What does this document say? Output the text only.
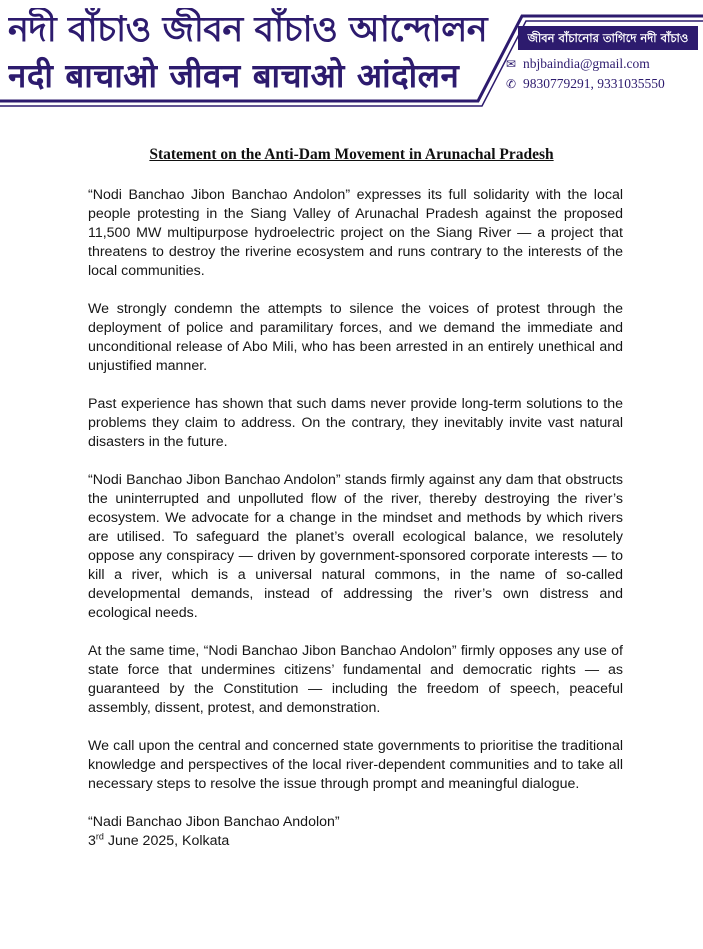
নদী বাঁচাও জীবন বাঁচাও আন্দোলন
नदी बाचाओ जीवन बाचाओ आंदोलन
জীবন বাঁচানোর তাগিদে নদী বাঁচাও
✉ nbjbaindia@gmail.com
✆ 9830779291, 9331035550
Statement on the Anti-Dam Movement in Arunachal Pradesh

“Nodi Banchao Jibon Banchao Andolon” expresses its full solidarity with the local people protesting in the Siang Valley of Arunachal Pradesh against the proposed 11,500 MW multipurpose hydroelectric project on the Siang River — a project that threatens to destroy the riverine ecosystem and runs contrary to the interests of the local communities.

We strongly condemn the attempts to silence the voices of protest through the deployment of police and paramilitary forces, and we demand the immediate and unconditional release of Abo Mili, who has been arrested in an entirely unethical and unjustified manner.

Past experience has shown that such dams never provide long-term solutions to the problems they claim to address. On the contrary, they inevitably invite vast natural disasters in the future.

“Nodi Banchao Jibon Banchao Andolon” stands firmly against any dam that obstructs the uninterrupted and unpolluted flow of the river, thereby destroying the river’s ecosystem. We advocate for a change in the mindset and methods by which rivers are utilised. To safeguard the planet’s overall ecological balance, we resolutely oppose any conspiracy — driven by government-sponsored corporate interests — to kill a river, which is a universal natural commons, in the name of so-called developmental demands, instead of addressing the river’s own distress and ecological needs.

At the same time, “Nodi Banchao Jibon Banchao Andolon” firmly opposes any use of state force that undermines citizens’ fundamental and democratic rights — as guaranteed by the Constitution — including the freedom of speech, peaceful assembly, dissent, protest, and demonstration.

We call upon the central and concerned state governments to prioritise the traditional knowledge and perspectives of the local river-dependent communities and to take all necessary steps to resolve the issue through prompt and meaningful dialogue.

“Nadi Banchao Jibon Banchao Andolon”

3rd June 2025, Kolkata
